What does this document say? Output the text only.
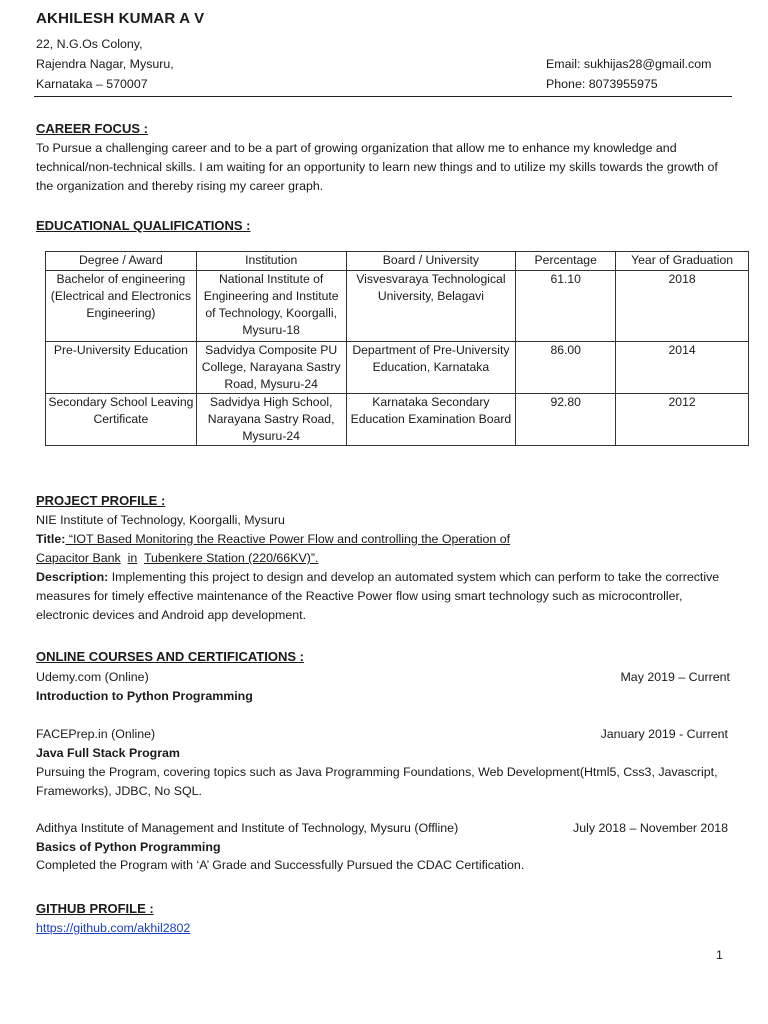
AKHILESH KUMAR A V
22, N.G.Os Colony,
Rajendra Nagar, Mysuru,
Karnataka – 570007
Email: sukhijas28@gmail.com
Phone: 8073955975
CAREER FOCUS :
To Pursue a challenging career and to be a part of growing organization that allow me to enhance my knowledge and technical/non-technical skills. I am waiting for an opportunity to learn new things and to utilize my skills towards the growth of the organization and thereby rising my career graph.
EDUCATIONAL QUALIFICATIONS :
Degree / Award	Institution	Board / University	Percentage	Year of Graduation
Bachelor of engineering (Electrical and Electronics Engineering)	National Institute of Engineering and Institute of Technology, Koorgalli, Mysuru-18	Visvesvaraya Technological University, Belagavi	61.10	2018
Pre-University Education	Sadvidya Composite PU College, Narayana Sastry Road, Mysuru-24	Department of Pre-University Education, Karnataka	86.00	2014
Secondary School Leaving Certificate	Sadvidya High School, Narayana Sastry Road, Mysuru-24	Karnataka Secondary Education Examination Board	92.80	2012
PROJECT PROFILE :
NIE Institute of Technology, Koorgalli, Mysuru
Title: “IOT Based Monitoring the Reactive Power Flow and controlling the Operation of
Capacitor Bank in Tubenkere Station (220/66KV)”.
Description: Implementing this project to design and develop an automated system which can perform to take the corrective measures for timely effective maintenance of the Reactive Power flow using smart technology such as microcontroller, electronic devices and Android app development.
ONLINE COURSES AND CERTIFICATIONS :
Udemy.com (Online)	May 2019 – Current
Introduction to Python Programming
FACEPrep.in (Online)	January 2019 - Current
Java Full Stack Program
Pursuing the Program, covering topics such as Java Programming Foundations, Web Development(Html5, Css3, Javascript, Frameworks), JDBC, No SQL.
Adithya Institute of Management and Institute of Technology, Mysuru (Offline)	July 2018 – November 2018
Basics of Python Programming
Completed the Program with ‘A’ Grade and Successfully Pursued the CDAC Certification.
GITHUB PROFILE :
https://github.com/akhil2802
1
